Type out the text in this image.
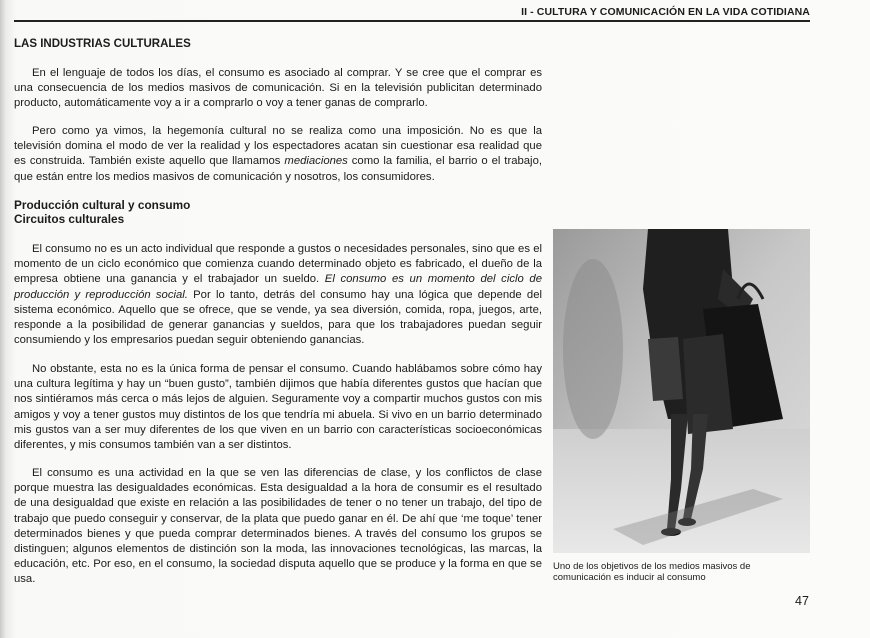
II - CULTURA Y COMUNICACIÓN EN LA VIDA COTIDIANA
LAS INDUSTRIAS CULTURALES

En el lenguaje de todos los días, el consumo es asociado al comprar. Y se cree que el comprar es una consecuencia de los medios masivos de comunicación. Si en la televisión publicitan determinado producto, automáticamente voy a ir a comprarlo o voy a tener ganas de comprarlo.

Pero como ya vimos, la hegemonía cultural no se realiza como una imposición. No es que la televisión domina el modo de ver la realidad y los espectadores acatan sin cuestionar esa realidad que es construida. También existe aquello que llamamos mediaciones como la familia, el barrio o el trabajo, que están entre los medios masivos de comunicación y nosotros, los consumidores.

Producción cultural y consumo
Circuitos culturales

El consumo no es un acto individual que responde a gustos o necesidades personales, sino que es el momento de un ciclo económico que comienza cuando determinado objeto es fabricado, el dueño de la empresa obtiene una ganancia y el trabajador un sueldo. El consumo es un momento del ciclo de producción y reproducción social. Por lo tanto, detrás del consumo hay una lógica que depende del sistema económico. Aquello que se ofrece, que se vende, ya sea diversión, comida, ropa, juegos, arte, responde a la posibilidad de generar ganancias y sueldos, para que los trabajadores puedan seguir consumiendo y los empresarios puedan seguir obteniendo ganancias.

No obstante, esta no es la única forma de pensar el consumo. Cuando hablábamos sobre cómo hay una cultura legítima y hay un “buen gusto”, también dijimos que había diferentes gustos que hacían que nos sintiéramos más cerca o más lejos de alguien. Seguramente voy a compartir muchos gustos con mis amigos y voy a tener gustos muy distintos de los que tendría mi abuela. Si vivo en un barrio determinado mis gustos van a ser muy diferentes de los que viven en un barrio con características socioeconómicas diferentes, y mis consumos también van a ser distintos.

El consumo es una actividad en la que se ven las diferencias de clase, y los conflictos de clase porque muestra las desigualdades económicas. Esta desigualdad a la hora de consumir es el resultado de una desigualdad que existe en relación a las posibilidades de tener o no tener un trabajo, del tipo de trabajo que puedo conseguir y conservar, de la plata que puedo ganar en él. De ahí que ‘me toque’ tener determinados bienes y que pueda comprar determinados bienes. A través del consumo los grupos se distinguen; algunos elementos de distinción son la moda, las innovaciones tecnológicas, las marcas, la educación, etc. Por eso, en el consumo, la sociedad disputa aquello que se produce y la forma en que se usa.

Uno de los objetivos de los medios masivos de comunicación es inducir al consumo
47
